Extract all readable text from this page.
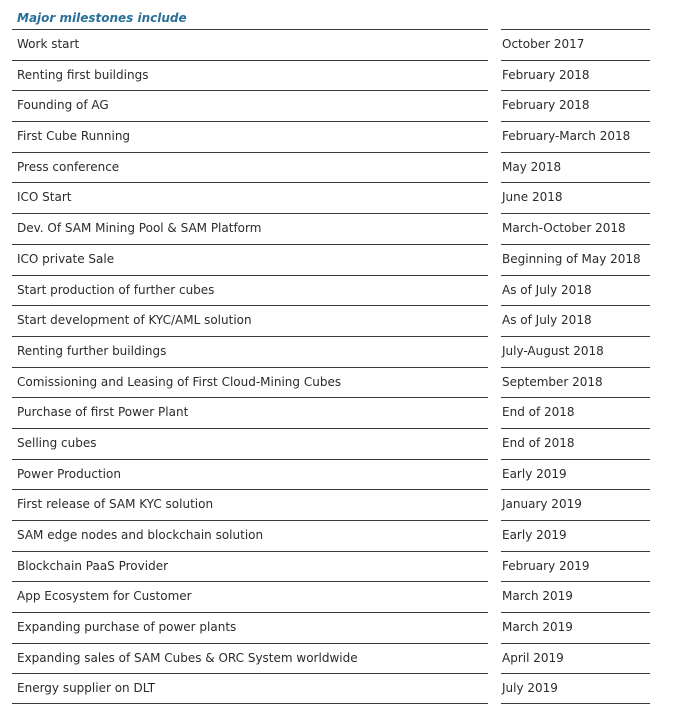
Major milestones include
Work start	October 2017
Renting first buildings	February 2018
Founding of AG	February 2018
First Cube Running	February-March 2018
Press conference	May 2018
ICO Start	June 2018
Dev. Of SAM Mining Pool & SAM Platform	March-October 2018
ICO private Sale	Beginning of May 2018
Start production of further cubes	As of July 2018
Start development of KYC/AML solution	As of July 2018
Renting further buildings	July-August 2018
Comissioning and Leasing of First Cloud-Mining Cubes	September 2018
Purchase of first Power Plant	End of 2018
Selling cubes	End of 2018
Power Production	Early 2019
First release of SAM KYC solution	January 2019
SAM edge nodes and blockchain solution	Early 2019
Blockchain PaaS Provider	February 2019
App Ecosystem for Customer	March 2019
Expanding purchase of power plants	March 2019
Expanding sales of SAM Cubes & ORC System worldwide	April 2019
Energy supplier on DLT	July 2019
